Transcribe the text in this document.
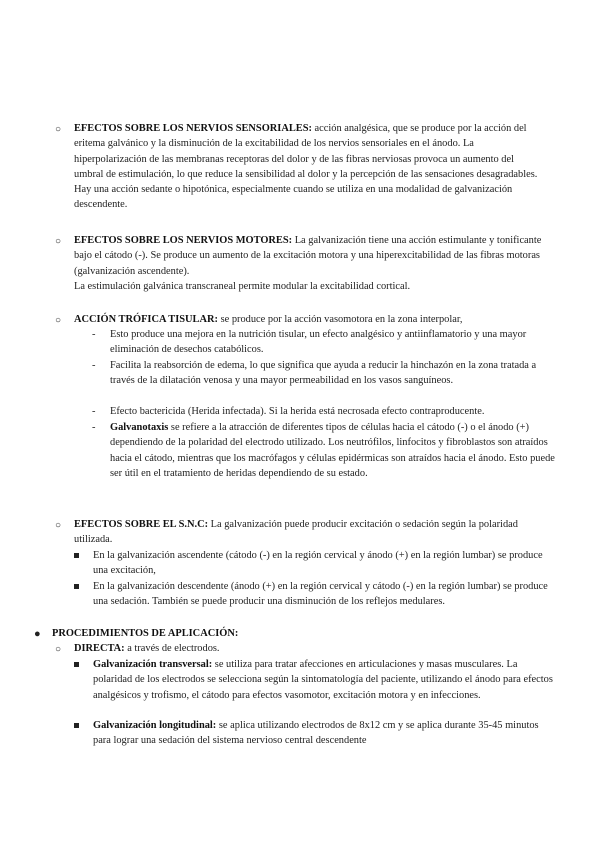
○ EFECTOS SOBRE LOS NERVIOS SENSORIALES: acción analgésica, que se produce por la acción del eritema galvánico y la disminución de la excitabilidad de los nervios sensoriales en el ánodo. La hiperpolarización de las membranas receptoras del dolor y de las fibras nerviosas provoca un aumento del umbral de estimulación, lo que reduce la sensibilidad al dolor y la percepción de las sensaciones desagradables. Hay una acción sedante o hipotónica, especialmente cuando se utiliza en una modalidad de galvanización descendente.

○ EFECTOS SOBRE LOS NERVIOS MOTORES: La galvanización tiene una acción estimulante y tonificante bajo el cátodo (-). Se produce un aumento de la excitación motora y una hiperexcitabilidad de las fibras motoras (galvanización ascendente).

La estimulación galvánica transcraneal permite modular la excitabilidad cortical.

○ ACCIÓN TRÓFICA TISULAR: se produce por la acción vasomotora en la zona interpolar,

- Esto produce una mejora en la nutrición tisular, un efecto analgésico y antiinflamatorio y una mayor eliminación de desechos catabólicos.
- Facilita la reabsorción de edema, lo que significa que ayuda a reducir la hinchazón en la zona tratada a través de la dilatación venosa y una mayor permeabilidad en los vasos sanguíneos.
- Efecto bactericida (Herida infectada). Si la herida está necrosada efecto contraproducente.
- Galvanotaxis se refiere a la atracción de diferentes tipos de células hacia el cátodo (-) o el ánodo (+) dependiendo de la polaridad del electrodo utilizado. Los neutrófilos, linfocitos y fibroblastos son atraídos hacia el cátodo, mientras que los macrófagos y células epidérmicas son atraídos hacia el ánodo. Esto puede ser útil en el tratamiento de heridas dependiendo de su estado.
○ EFECTOS SOBRE EL S.N.C: La galvanización puede producir excitación o sedación según la polaridad utilizada.

En la galvanización ascendente (cátodo (-) en la región cervical y ánodo (+) en la región lumbar) se produce una excitación,
En la galvanización descendente (ánodo (+) en la región cervical y cátodo (-) en la región lumbar) se produce una sedación. También se puede producir una disminución de los reflejos medulares.
● PROCEDIMIENTOS DE APLICACIÓN:
○ DIRECTA: a través de electrodos.
Galvanización transversal: se utiliza para tratar afecciones en articulaciones y masas musculares. La polaridad de los electrodos se selecciona según la sintomatología del paciente, utilizando el ánodo para efectos analgésicos y trofismo, el cátodo para efectos vasomotor, excitación motora y en infecciones.
Galvanización longitudinal: se aplica utilizando electrodos de 8x12 cm y se aplica durante 35-45 minutos para lograr una sedación del sistema nervioso central descendente
